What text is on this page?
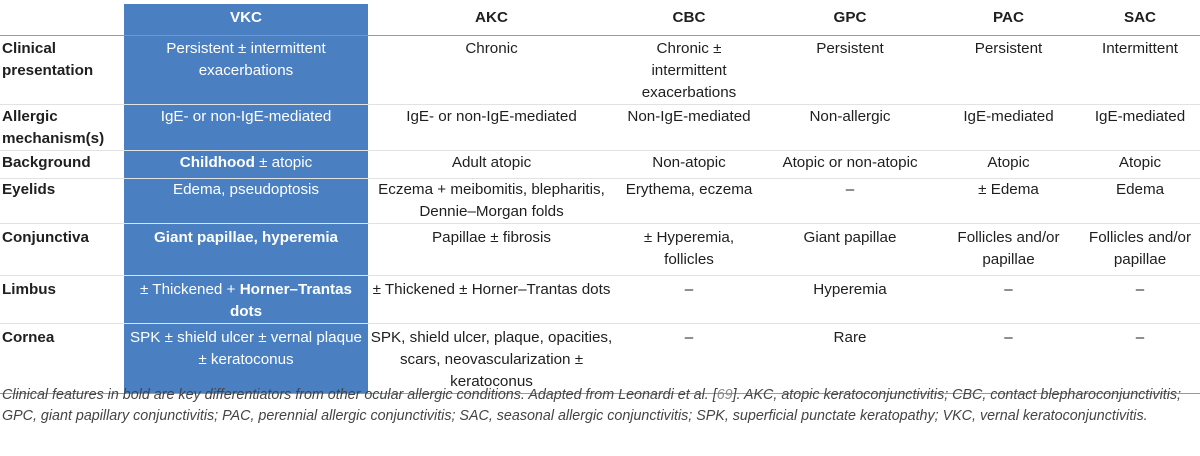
	VKC	AKC	CBC	GPC	PAC	SAC
Clinical presentation	Persistent ± intermittent exacerbations	Chronic	Chronic ± intermittent exacerbations	Persistent	Persistent	Intermittent
Allergic mechanism(s)	IgE- or non-IgE-mediated	IgE- or non-IgE-mediated	Non-IgE-mediated	Non-allergic	IgE-mediated	IgE-mediated
Background	Childhood ± atopic	Adult atopic	Non-atopic	Atopic or non-atopic	Atopic	Atopic
Eyelids	Edema, pseudoptosis	Eczema + meibomitis, blepharitis, Dennie–Morgan folds	Erythema, eczema	–	± Edema	Edema
Conjunctiva	Giant papillae, hyperemia	Papillae ± fibrosis	± Hyperemia, follicles	Giant papillae	Follicles and/or papillae	Follicles and/or papillae
Limbus	± Thickened + Horner–Trantas dots	± Thickened ± Horner–Trantas dots	–	Hyperemia	–	–
Cornea	SPK ± shield ulcer ± vernal plaque ± keratoconus	SPK, shield ulcer, plaque, opacities, scars, neovascularization ± keratoconus	–	Rare	–	–

Clinical features in bold are key differentiators from other ocular allergic conditions. Adapted from Leonardi et al. [69]. AKC, atopic keratoconjunctivitis; CBC, contact blepharoconjunctivitis; GPC, giant papillary conjunctivitis; PAC, perennial allergic conjunctivitis; SAC, seasonal allergic conjunctivitis; SPK, superficial punctate keratopathy; VKC, vernal keratoconjunctivitis.
